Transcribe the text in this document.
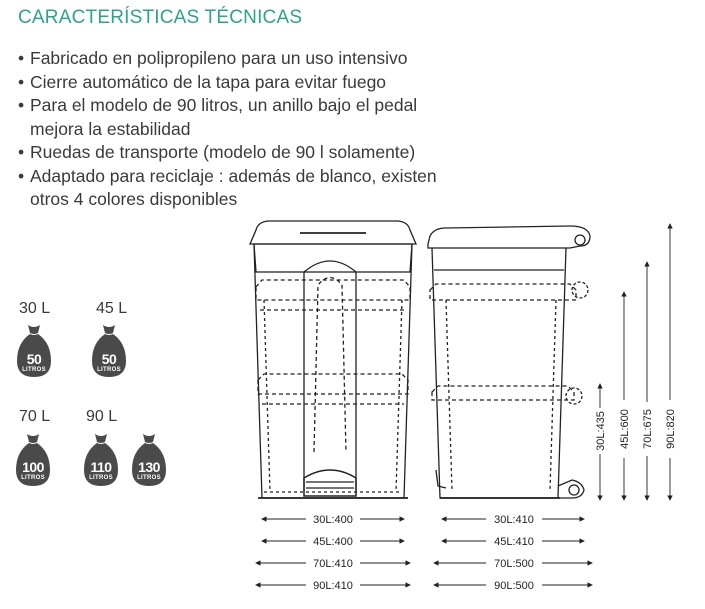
CARACTERÍSTICAS TÉCNICAS
• Fabricado en polipropileno para un uso intensivo
• Cierre automático de la tapa para evitar fuego
• Para el modelo de 90 litros, un anillo bajo el pedal mejora la estabilidad
• Ruedas de transporte (modelo de 90 l solamente)
• Adaptado para reciclaje : además de blanco, existen otros 4 colores disponibles
30 L	45 L
70 L 90 L
50
LITROS
50
LITROS
100
LITROS
110
LITROS
130
LITROS
30L:400
45L:400
70L:410
90L:410
30L:410
45L:410
70L:500
90L:500
30L:435 45L:600 70L:675 90L:820
